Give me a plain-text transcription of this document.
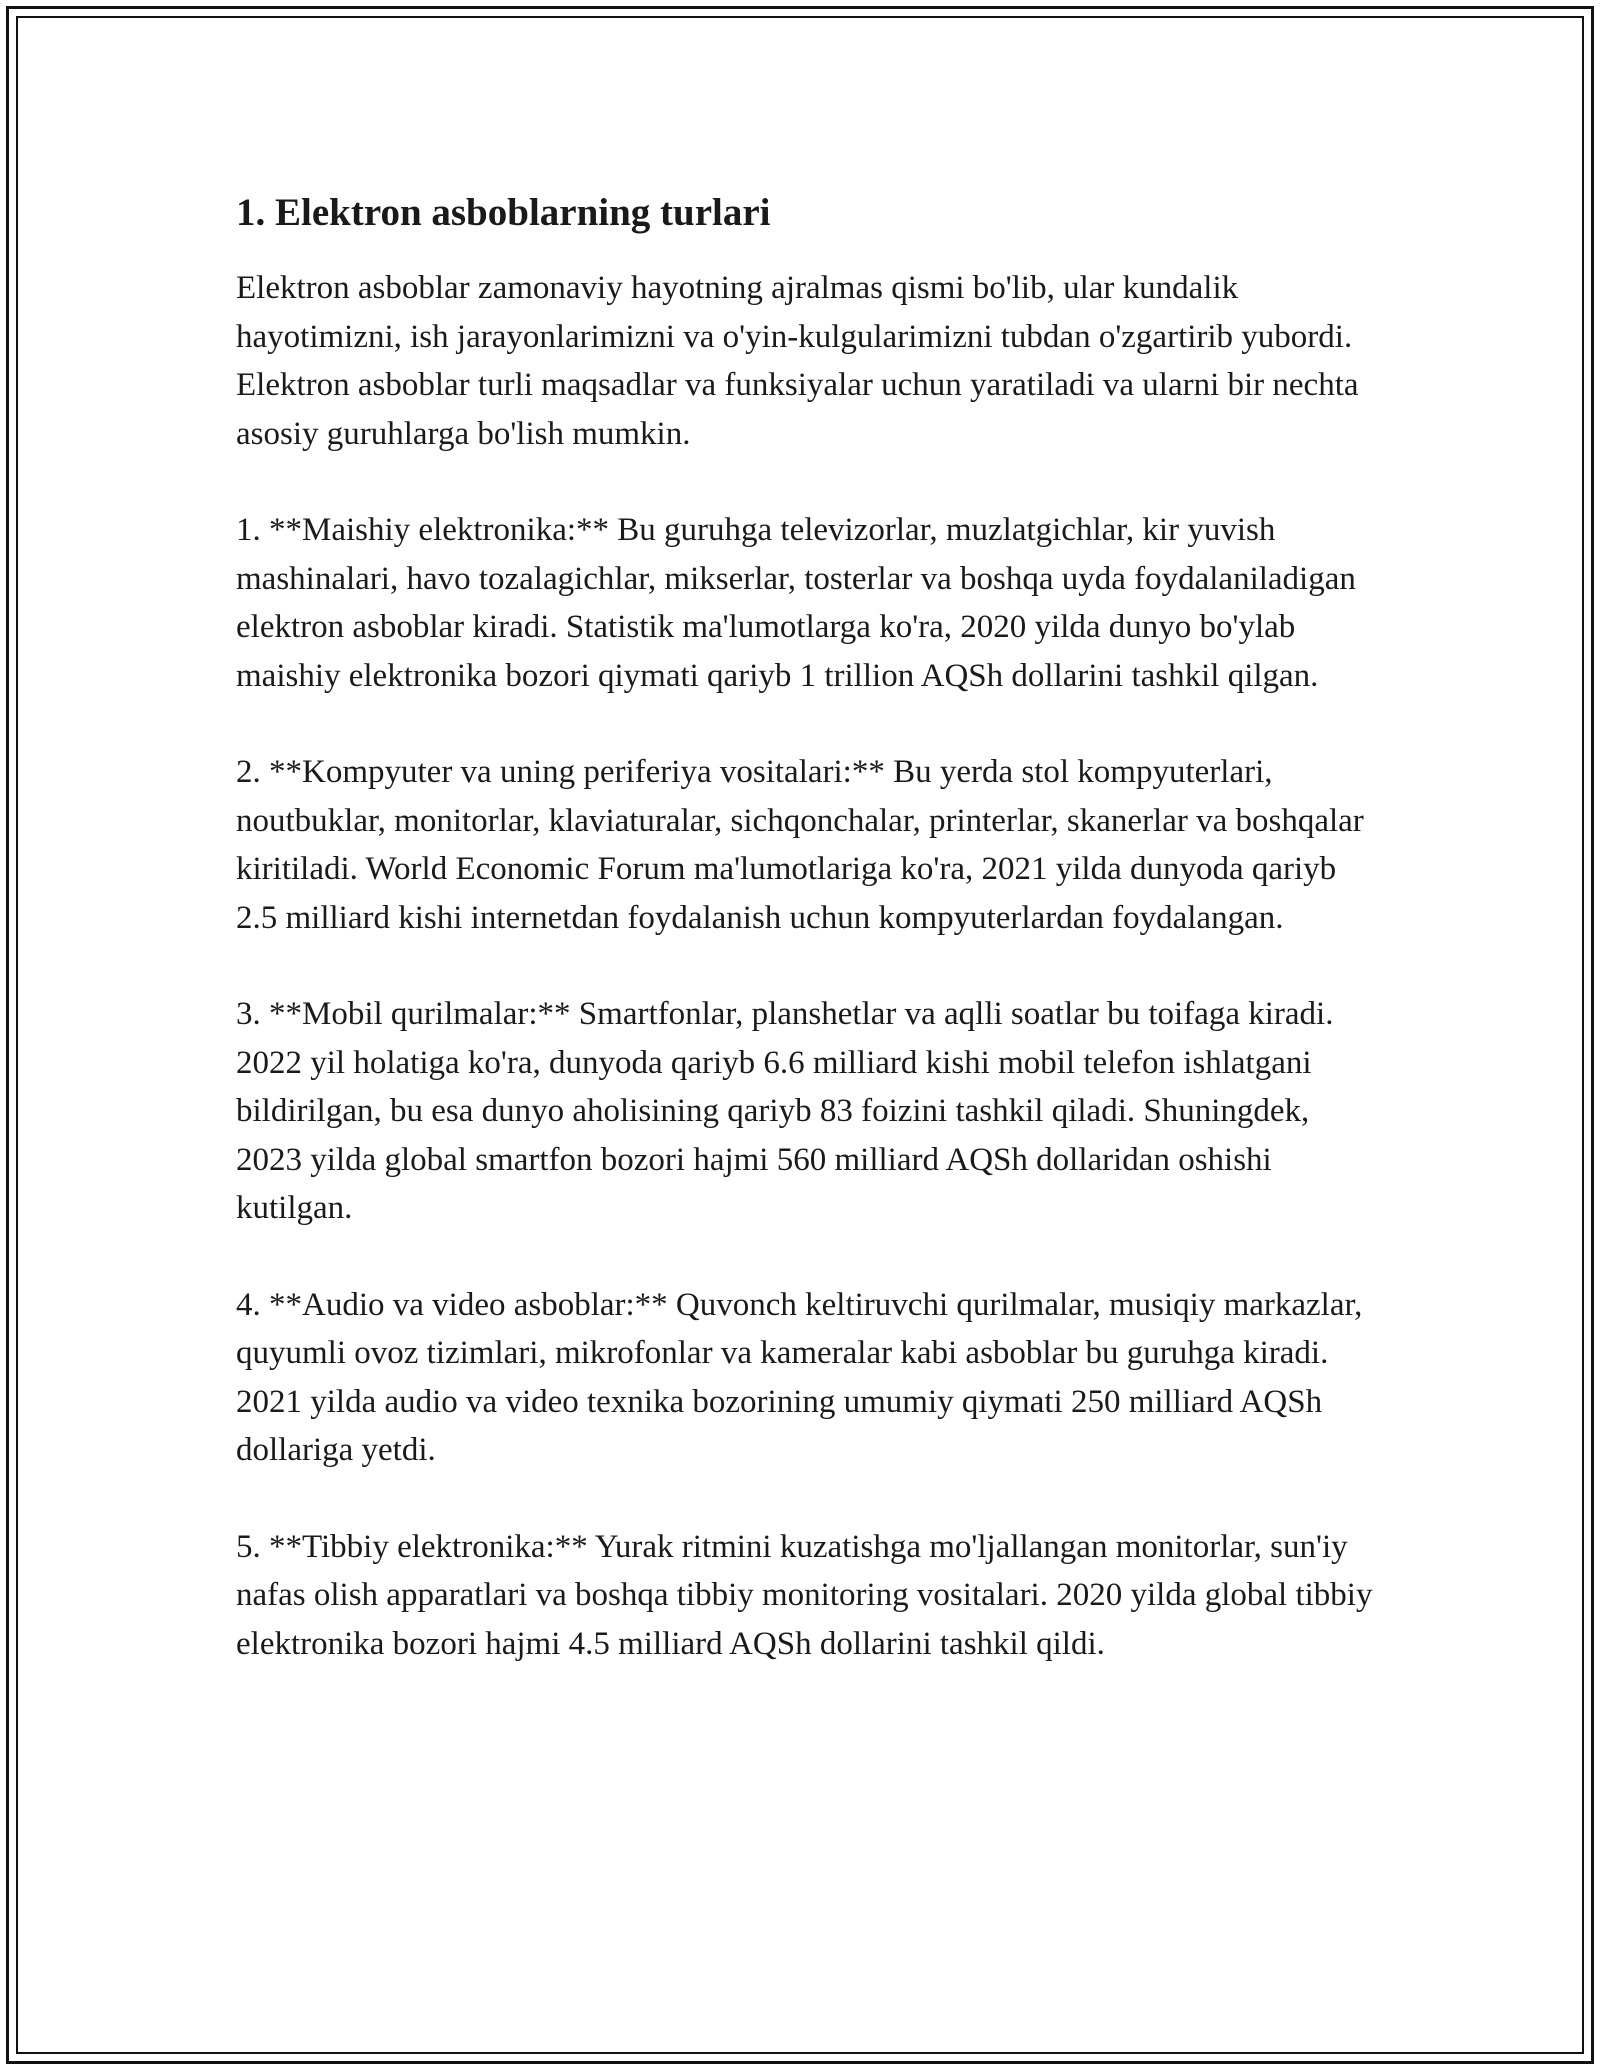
1. Elektron asboblarning turlari

Elektron asboblar zamonaviy hayotning ajralmas qismi bo'lib, ular kundalik hayotimizni, ish jarayonlarimizni va o'yin-kulgularimizni tubdan o'zgartirib yubordi. Elektron asboblar turli maqsadlar va funksiyalar uchun yaratiladi va ularni bir nechta asosiy guruhlarga bo'lish mumkin.

1. **Maishiy elektronika:** Bu guruhga televizorlar, muzlatgichlar, kir yuvish mashinalari, havo tozalagichlar, mikserlar, tosterlar va boshqa uyda foydalaniladigan elektron asboblar kiradi. Statistik ma'lumotlarga ko'ra, 2020 yilda dunyo bo'ylab maishiy elektronika bozori qiymati qariyb 1 trillion AQSh dollarini tashkil qilgan.

2. **Kompyuter va uning periferiya vositalari:** Bu yerda stol kompyuterlari, noutbuklar, monitorlar, klaviaturalar, sichqonchalar, printerlar, skanerlar va boshqalar kiritiladi. World Economic Forum ma'lumotlariga ko'ra, 2021 yilda dunyoda qariyb 2.5 milliard kishi internetdan foydalanish uchun kompyuterlardan foydalangan.

3. **Mobil qurilmalar:** Smartfonlar, planshetlar va aqlli soatlar bu toifaga kiradi. 2022 yil holatiga ko'ra, dunyoda qariyb 6.6 milliard kishi mobil telefon ishlatgani bildirilgan, bu esa dunyo aholisining qariyb 83 foizini tashkil qiladi. Shuningdek, 2023 yilda global smartfon bozori hajmi 560 milliard AQSh dollaridan oshishi kutilgan.

4. **Audio va video asboblar:** Quvonch keltiruvchi qurilmalar, musiqiy markazlar, quyumli ovoz tizimlari, mikrofonlar va kameralar kabi asboblar bu guruhga kiradi. 2021 yilda audio va video texnika bozorining umumiy qiymati 250 milliard AQSh dollariga yetdi.

5. **Tibbiy elektronika:** Yurak ritmini kuzatishga mo'ljallangan monitorlar, sun'iy nafas olish apparatlari va boshqa tibbiy monitoring vositalari. 2020 yilda global tibbiy elektronika bozori hajmi 4.5 milliard AQSh dollarini tashkil qildi.
